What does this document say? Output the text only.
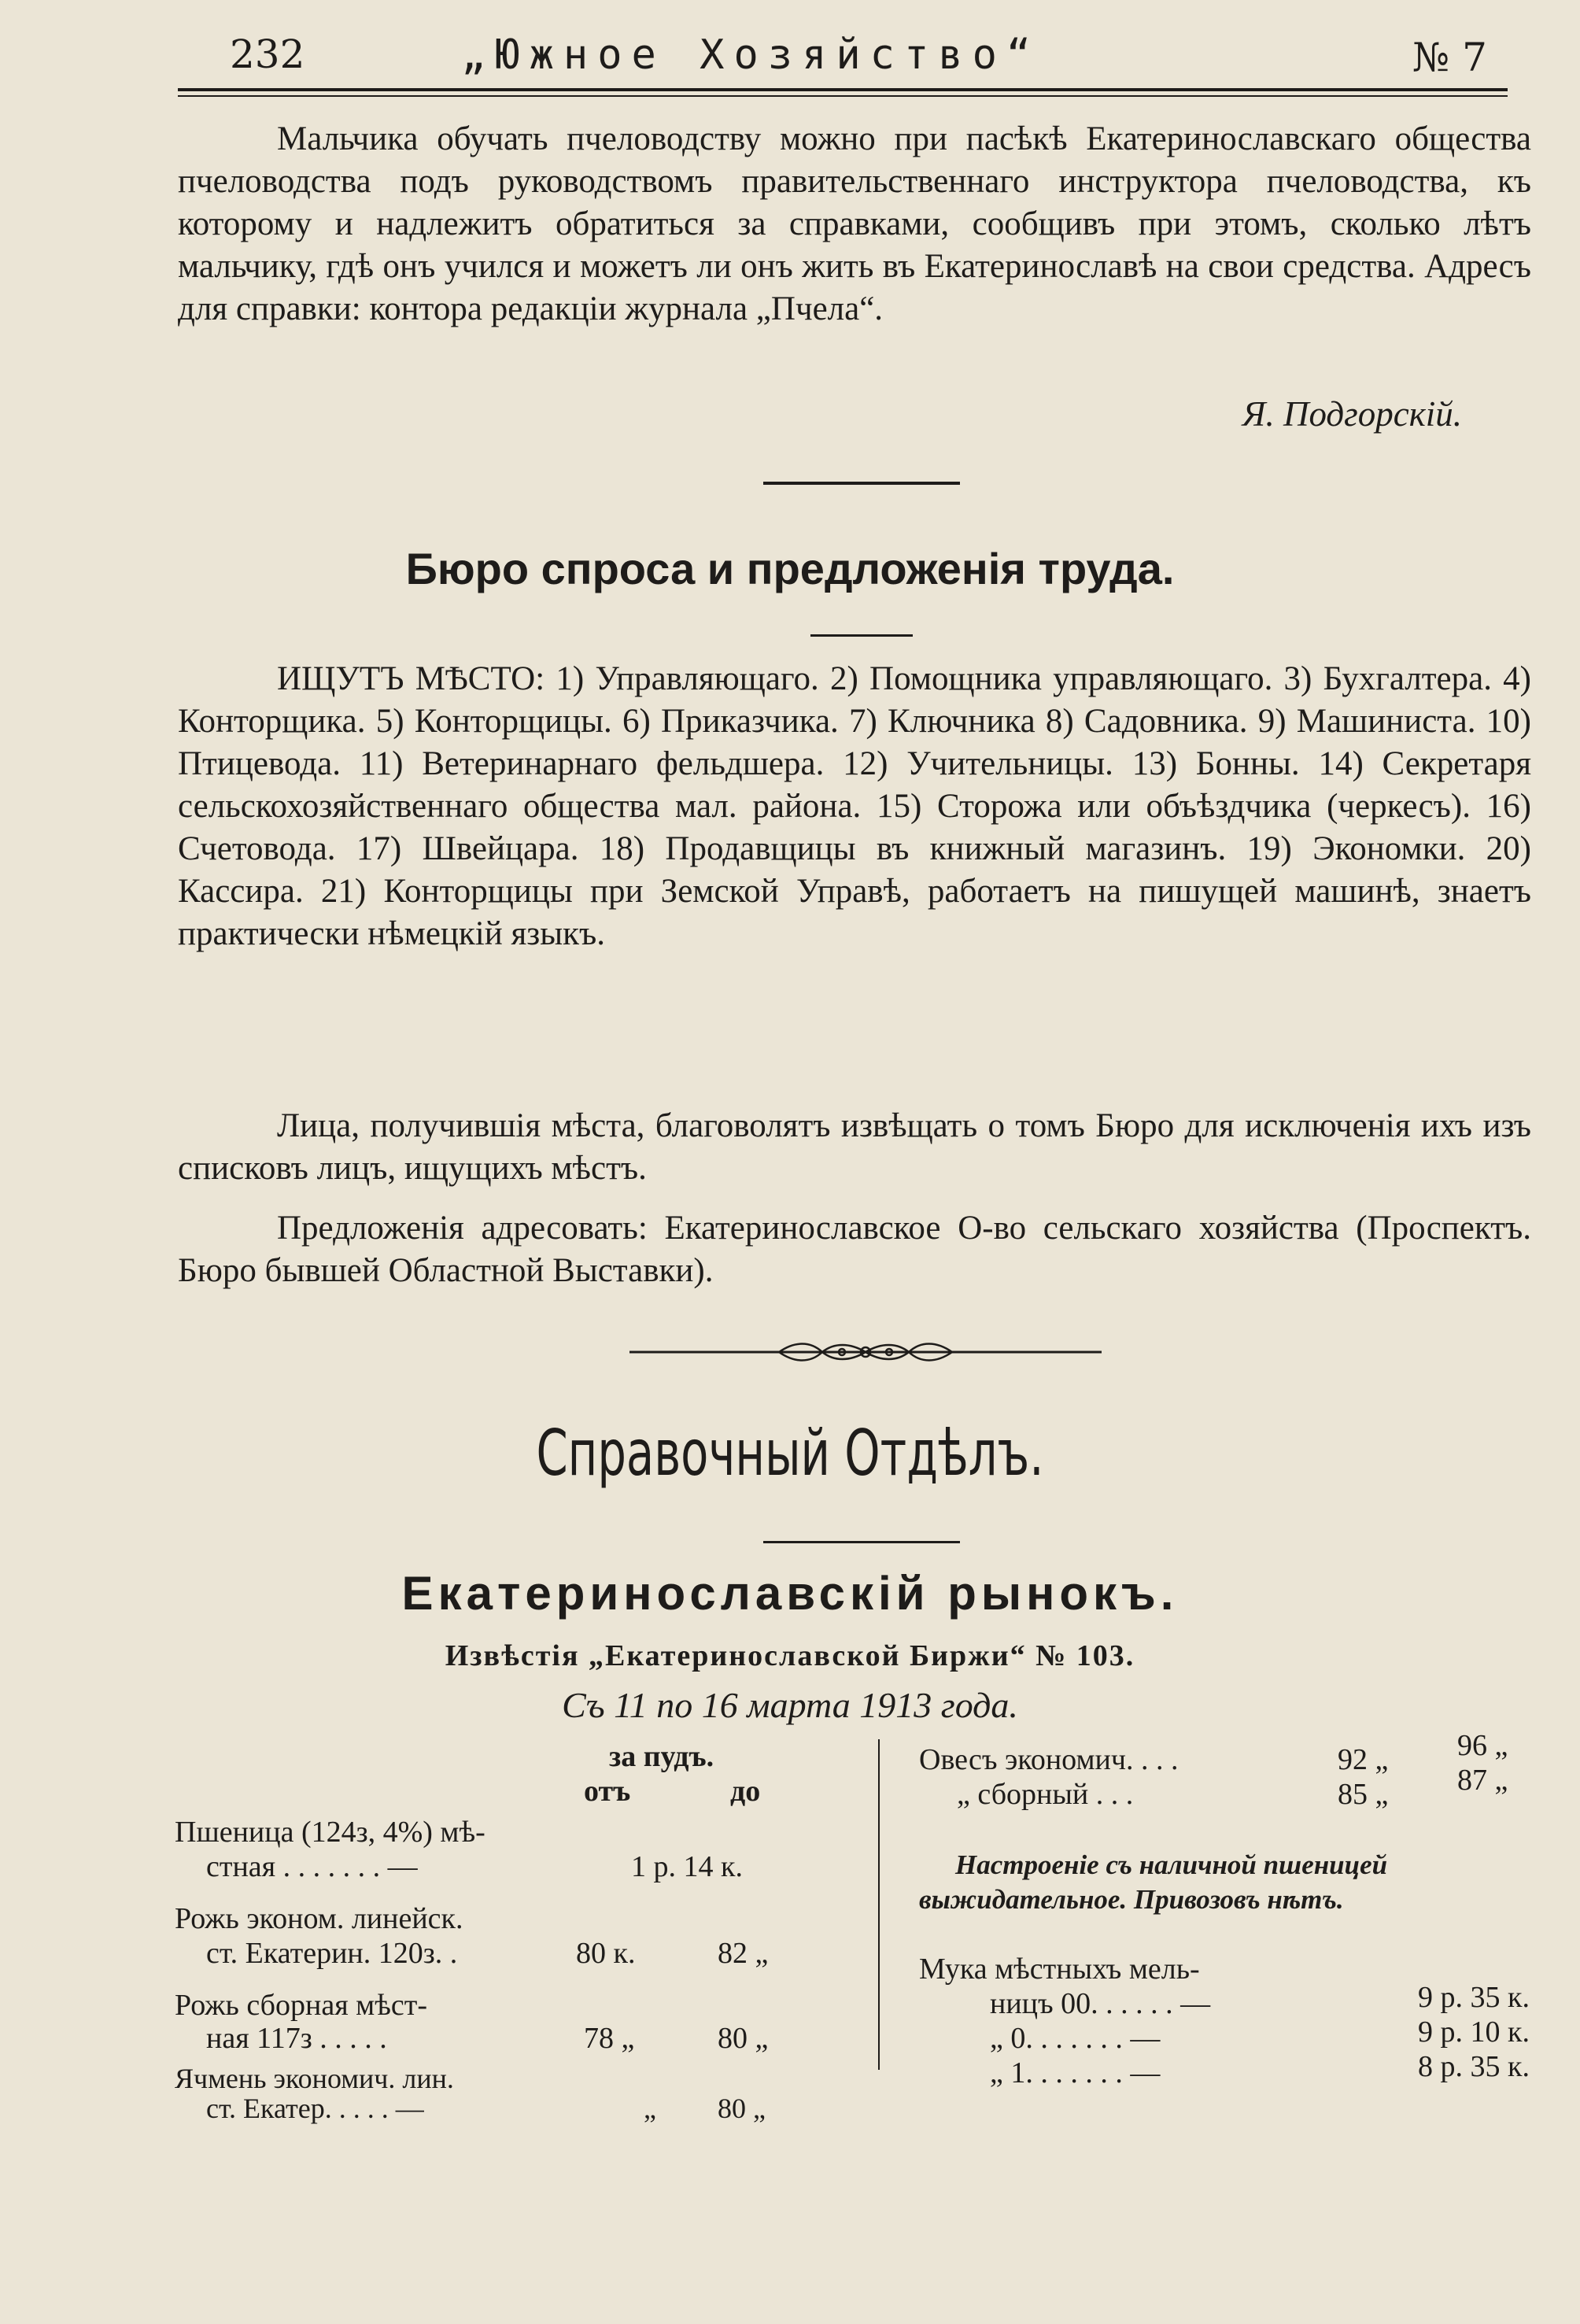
232	„Южное Хозяйство“	№ 7

Мальчика обучать пчеловодству можно при пасѣкѣ Екатеринославскаго общества пчеловодства подъ руководствомъ правительственнаго инструктора пчеловодства, къ которому и надлежитъ обратиться за справками, сообщивъ при этомъ, сколько лѣтъ мальчику, гдѣ онъ учился и можетъ ли онъ жить въ Екатеринославѣ на свои средства. Адресъ для справки: контора редакціи журнала „Пчела“.

Я. Подгорскій.
Бюро спроса и предложенія труда.

ИЩУТЪ МѢСТО: 1) Управляющаго. 2) Помощника управляющаго. 3) Бухгалтера. 4) Конторщика. 5) Конторщицы. 6) Приказчика. 7) Ключника 8) Садовника. 9) Машиниста. 10) Птицевода. 11) Ветеринарнаго фельдшера. 12) Учительницы. 13) Бонны. 14) Секретаря сельскохозяйственнаго общества мал. района. 15) Сторожа или объѣздчика (черкесъ). 16) Счетовода. 17) Швейцара. 18) Продавщицы въ книжный магазинъ. 19) Экономки. 20) Кассира. 21) Конторщицы при Земской Управѣ, работаетъ на пишущей машинѣ, знаетъ практически нѣмецкій языкъ.

Лица, получившія мѣста, благоволятъ извѣщать о томъ Бюро для исключенія ихъ изъ списковъ лицъ, ищущихъ мѣстъ.

Предложенія адресовать: Екатеринославское О-во сельскаго хозяйства (Проспектъ. Бюро бывшей Областной Выставки).

Справочный Отдѣлъ.
Екатеринославскій рынокъ.
Извѣстія „Екатеринославской Биржи“ № 103.
Съ 11 по 16 марта 1913 года.
за пудъ.
отъ	до
Пшеница (124з, 4%) мѣ-
стная . . . . . . . —	1 р. 14 к.
Рожь эконом. линейск.
ст. Екатерин. 120з. .	80 к.	82 „
Рожь сборная мѣст-
ная 117з . . . . .	78 „	80 „
Ячмень экономич. лин.
ст. Екатер. . . . . —	„ 80 „
Овесъ экономич. . . .	92 „ 96 „
„ сборный . . .	85 „ 87 „
Настроеніе съ наличной пшеницей
выжидательное. Привозовъ нѣтъ.
Мука мѣстныхъ мель-
ницъ 00. . . . . . —	9 р. 35 к.
„ 0. . . . . . . —	9 р. 10 к.
„ 1. . . . . . . —	8 р. 35 к.
